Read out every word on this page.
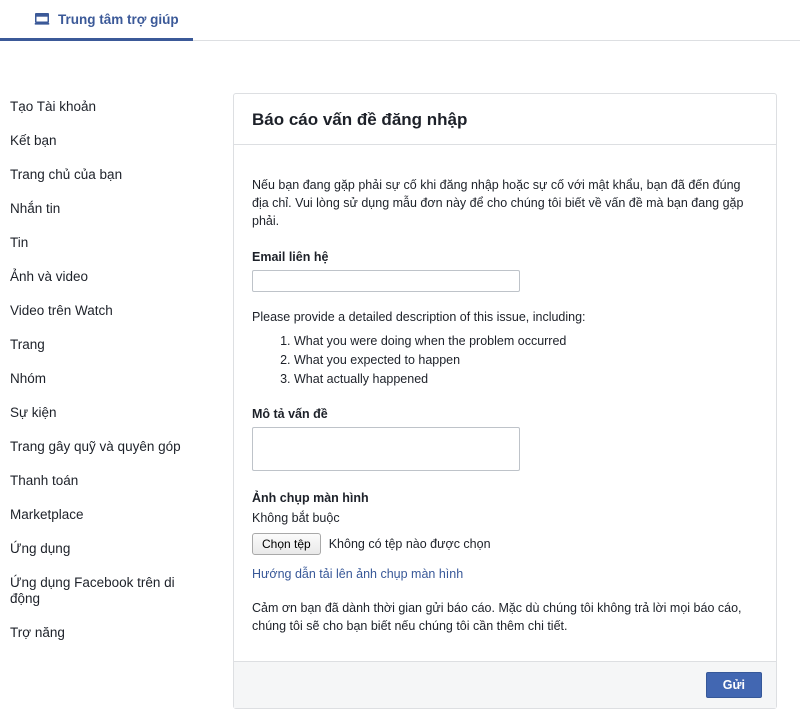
Trung tâm trợ giúp
Tạo Tài khoản
Kết bạn
Trang chủ của bạn
Nhắn tin
Tin
Ảnh và video
Video trên Watch
Trang
Nhóm
Sự kiện
Trang gây quỹ và quyên góp
Thanh toán
Marketplace
Ứng dụng
Ứng dụng Facebook trên di động
Trợ năng
Báo cáo vấn đề đăng nhập

Nếu bạn đang gặp phải sự cố khi đăng nhập hoặc sự cố với mật khẩu, bạn đã đến đúng địa chỉ. Vui lòng sử dụng mẫu đơn này để cho chúng tôi biết về vấn đề mà bạn đang gặp phải.

Email liên hệ

Please provide a detailed description of this issue, including:

1. What you were doing when the problem occurred
2. What you expected to happen
3. What actually happened
Mô tả vấn đề
Ảnh chụp màn hình
Không bắt buộc
Chọn tệp	Không có tệp nào được chọn
Hướng dẫn tải lên ảnh chụp màn hình

Cảm ơn bạn đã dành thời gian gửi báo cáo. Mặc dù chúng tôi không trả lời mọi báo cáo, chúng tôi sẽ cho bạn biết nếu chúng tôi cần thêm chi tiết.

Gửi
